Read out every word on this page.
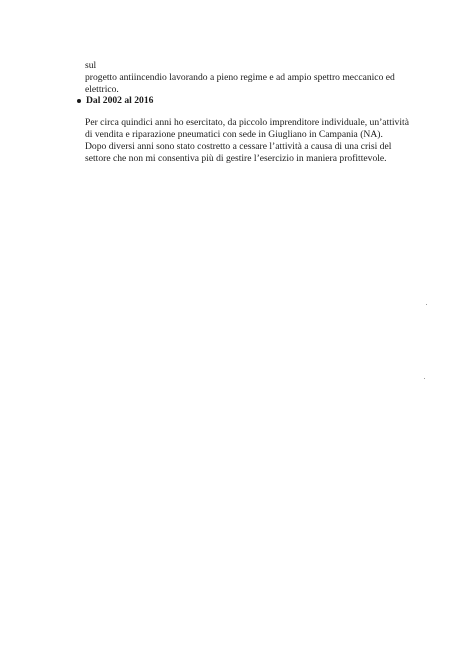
sul
progetto antiincendio lavorando a pieno regime e ad ampio spettro meccanico ed
elettrico.
Dal 2002 al 2016
Per circa quindici anni ho esercitato, da piccolo imprenditore individuale, un’attività
di vendita e riparazione pneumatici con sede in Giugliano in Campania (NA).
Dopo diversi anni sono stato costretto a cessare l’attività a causa di una crisi del
settore che non mi consentiva più di gestire l’esercizio in maniera profittevole.
